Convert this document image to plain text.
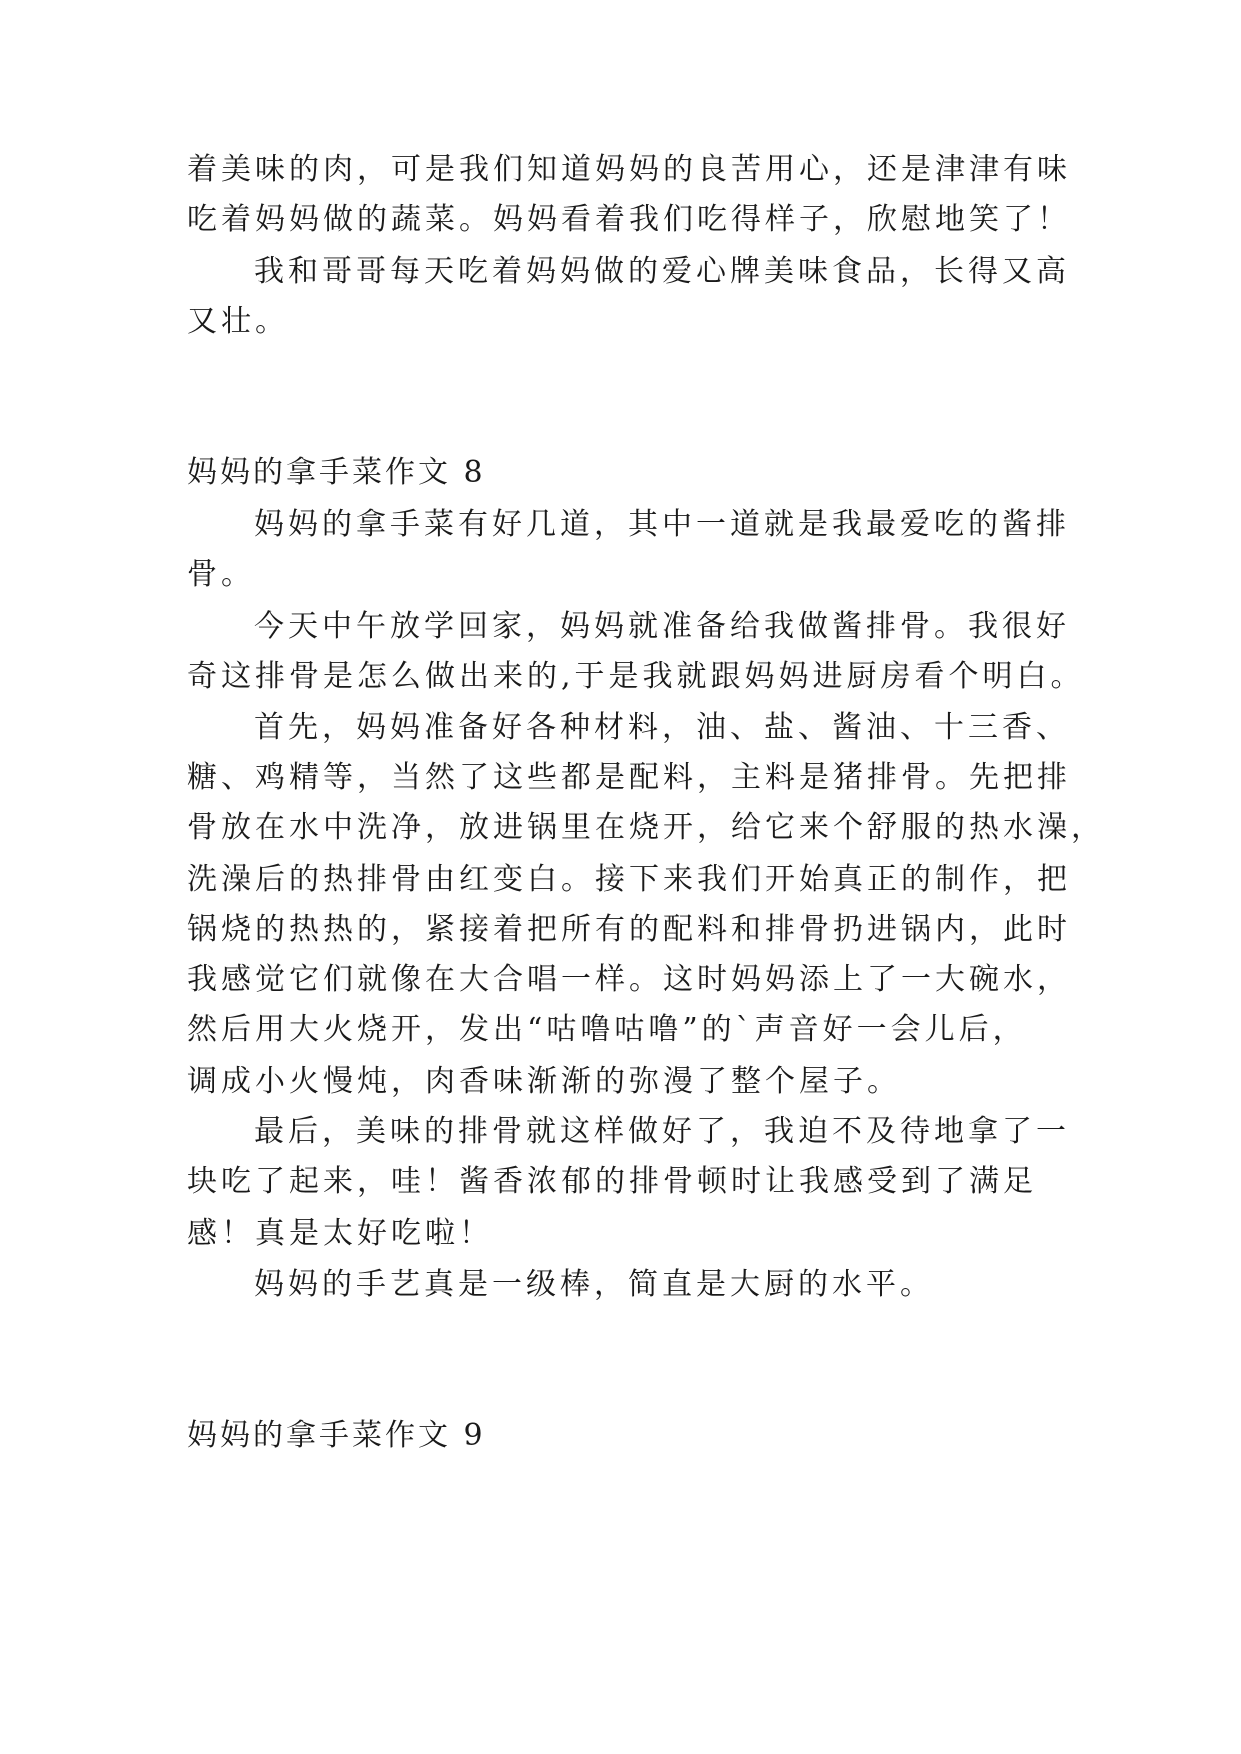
着美味的肉，可是我们知道妈妈的良苦用心，还是津津有味
吃着妈妈做的蔬菜。妈妈看着我们吃得样子，欣慰地笑了！
我和哥哥每天吃着妈妈做的爱心牌美味食品，长得又高
又壮。
妈妈的拿手菜作文 8
妈妈的拿手菜有好几道，其中一道就是我最爱吃的酱排
骨。
今天中午放学回家，妈妈就准备给我做酱排骨。我很好
奇这排骨是怎么做出来的,于是我就跟妈妈进厨房看个明白。
首先，妈妈准备好各种材料，油、盐、酱油、十三香、
糖、鸡精等，当然了这些都是配料，主料是猪排骨。先把排
骨放在水中洗净，放进锅里在烧开，给它来个舒服的热水澡，
洗澡后的热排骨由红变白。接下来我们开始真正的制作，把
锅烧的热热的，紧接着把所有的配料和排骨扔进锅内，此时
我感觉它们就像在大合唱一样。这时妈妈添上了一大碗水，
然后用大火烧开，发出“咕噜咕噜”的`声音好一会儿后，
调成小火慢炖，肉香味渐渐的弥漫了整个屋子。
最后，美味的排骨就这样做好了，我迫不及待地拿了一
块吃了起来，哇！酱香浓郁的排骨顿时让我感受到了满足
感！真是太好吃啦！
妈妈的手艺真是一级棒，简直是大厨的水平。
妈妈的拿手菜作文 9
